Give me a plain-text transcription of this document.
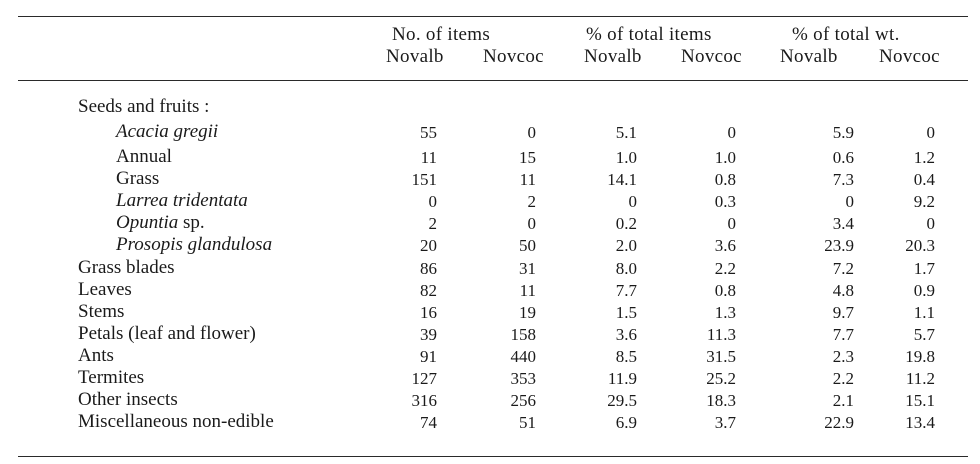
No. of items	% of total items	% of total wt.
Novalb Novcoc Novalb Novcoc Novalb Novcoc
Seeds and fruits :
Acacia gregii	55	0	5.1	0	5.9	0
Annual	11	15	1.0	1.0	0.6	1.2
Grass	151	11	14.1	0.8	7.3	0.4
Larrea tridentata	0	2	0	0.3	0	9.2
Opuntia sp.	2	0	0.2	0	3.4	0
Prosopis glandulosa	20	50	2.0	3.6	23.9	20.3
Grass blades	86	31	8.0	2.2	7.2	1.7
Leaves	82	11	7.7	0.8	4.8	0.9
Stems	16	19	1.5	1.3	9.7	1.1
Petals (leaf and flower)	39	158	3.6	11.3	7.7	5.7
Ants	91	440	8.5	31.5	2.3	19.8
Termites	127	353	11.9	25.2	2.2	11.2
Other insects	316	256	29.5	18.3	2.1	15.1
Miscellaneous non-edible	74	51	6.9	3.7	22.9	13.4
